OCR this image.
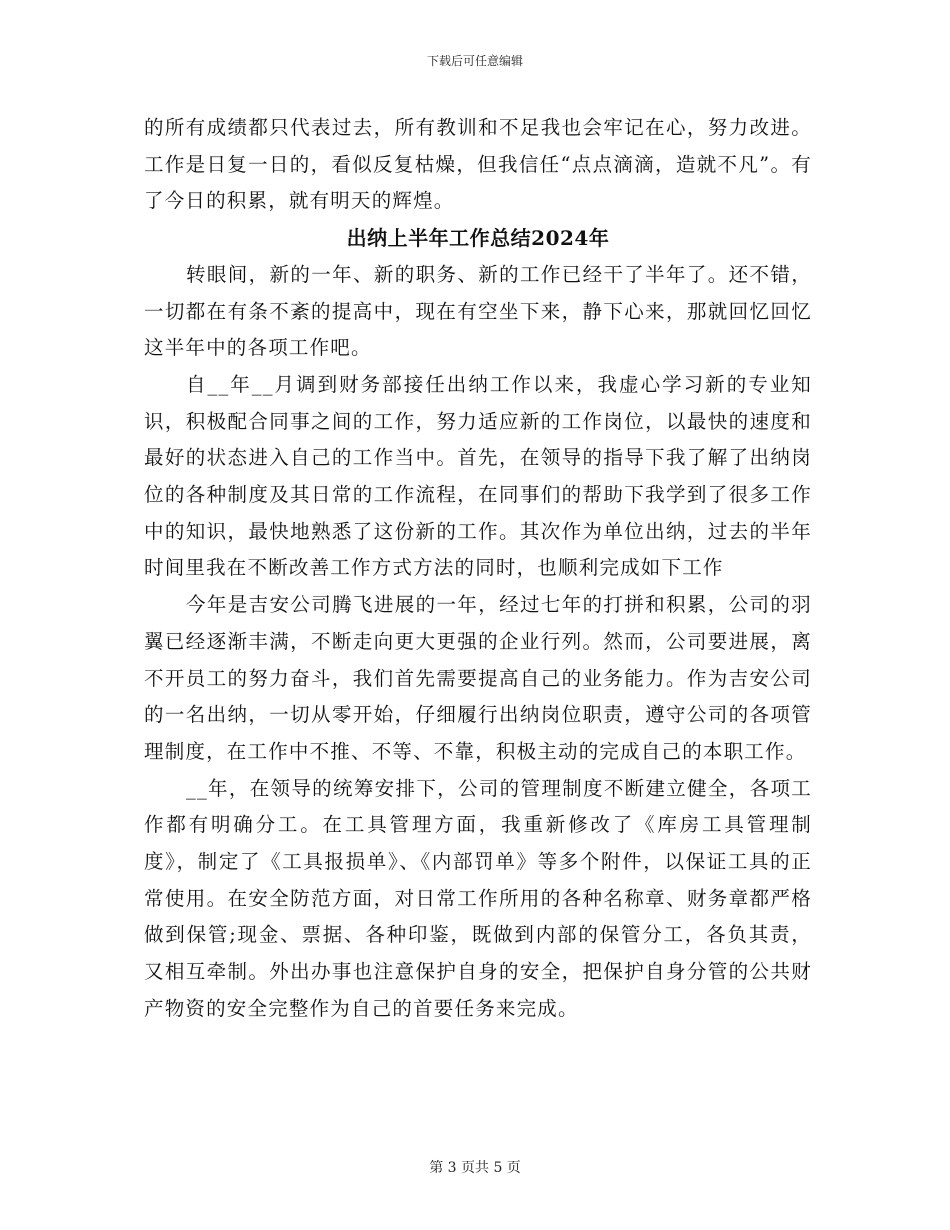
下载后可任意编辑

的所有成绩都只代表过去，所有教训和不足我也会牢记在心，努力改进。工作是日复一日的，看似反复枯燥，但我信任“点点滴滴，造就不凡”。有了今日的积累，就有明天的辉煌。

出纳上半年工作总结2024年

转眼间，新的一年、新的职务、新的工作已经干了半年了。还不错，一切都在有条不紊的提高中，现在有空坐下来，静下心来，那就回忆回忆这半年中的各项工作吧。

自__年__月调到财务部接任出纳工作以来，我虚心学习新的专业知识，积极配合同事之间的工作，努力适应新的工作岗位，以最快的速度和最好的状态进入自己的工作当中。首先，在领导的指导下我了解了出纳岗位的各种制度及其日常的工作流程，在同事们的帮助下我学到了很多工作中的知识，最快地熟悉了这份新的工作。其次作为单位出纳，过去的半年时间里我在不断改善工作方式方法的同时，也顺利完成如下工作

今年是吉安公司腾飞进展的一年，经过七年的打拼和积累，公司的羽翼已经逐渐丰满，不断走向更大更强的企业行列。然而，公司要进展，离不开员工的努力奋斗，我们首先需要提高自己的业务能力。作为吉安公司的一名出纳，一切从零开始，仔细履行出纳岗位职责，遵守公司的各项管理制度，在工作中不推、不等、不靠，积极主动的完成自己的本职工作。

__年，在领导的统筹安排下，公司的管理制度不断建立健全，各项工作都有明确分工。在工具管理方面，我重新修改了《库房工具管理制度》，制定了《工具报损单》、《内部罚单》等多个附件，以保证工具的正常使用。在安全防范方面，对日常工作所用的各种名称章、财务章都严格做到保管;现金、票据、各种印鉴，既做到内部的保管分工，各负其责，又相互牵制。外出办事也注意保护自身的安全，把保护自身分管的公共财产物资的安全完整作为自己的首要任务来完成。

第 3 页共 5 页
